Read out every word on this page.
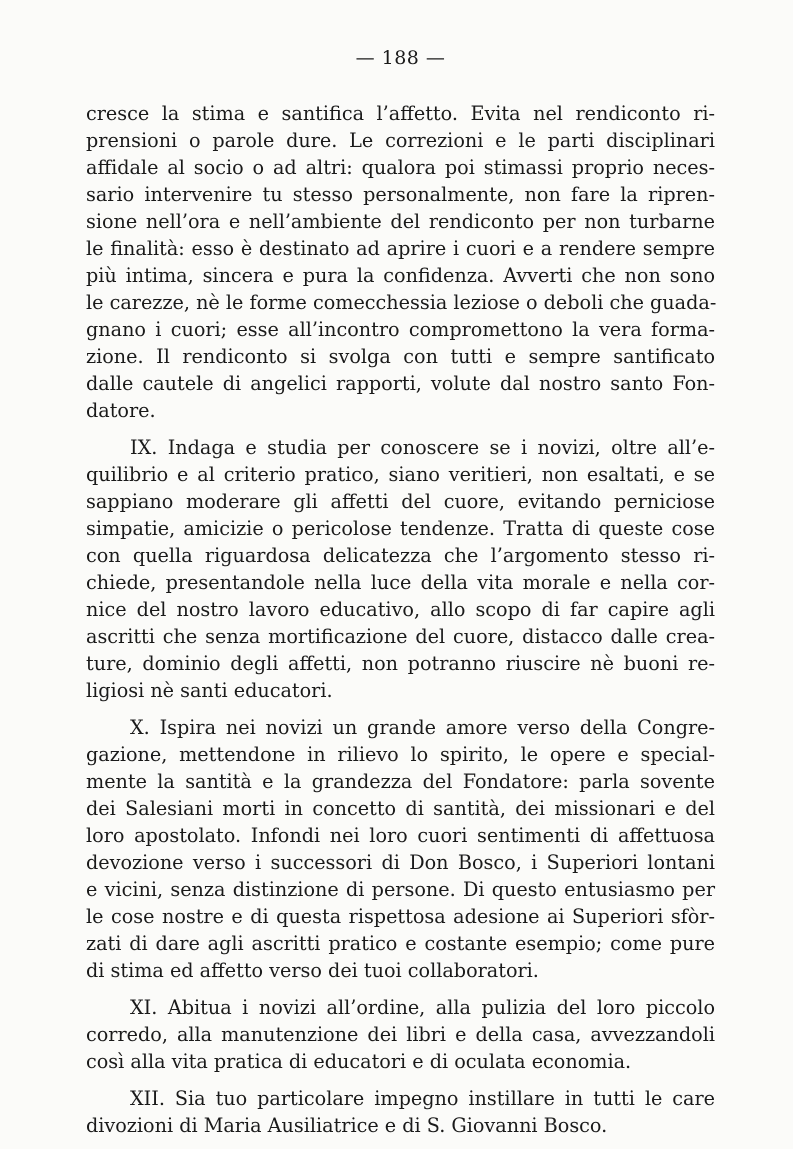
— 188 —
cresce la stima e santifica l’affetto. Evita nel rendiconto ri-
prensioni o parole dure. Le correzioni e le parti disciplinari
affidale al socio o ad altri: qualora poi stimassi proprio neces-
sario intervenire tu stesso personalmente, non fare la ripren-
sione nell’ora e nell’ambiente del rendiconto per non turbarne
le finalità: esso è destinato ad aprire i cuori e a rendere sempre
più intima, sincera e pura la confidenza. Avverti che non sono
le carezze, nè le forme comecchessia leziose o deboli che guada-
gnano i cuori; esse all’incontro compromettono la vera forma-
zione. Il rendiconto si svolga con tutti e sempre santificato
dalle cautele di angelici rapporti, volute dal nostro santo Fon-
datore.
IX. Indaga e studia per conoscere se i novizi, oltre all’e-
quilibrio e al criterio pratico, siano veritieri, non esaltati, e se
sappiano moderare gli affetti del cuore, evitando perniciose
simpatie, amicizie o pericolose tendenze. Tratta di queste cose
con quella riguardosa delicatezza che l’argomento stesso ri-
chiede, presentandole nella luce della vita morale e nella cor-
nice del nostro lavoro educativo, allo scopo di far capire agli
ascritti che senza mortificazione del cuore, distacco dalle crea-
ture, dominio degli affetti, non potranno riuscire nè buoni re-
ligiosi nè santi educatori.
X. Ispira nei novizi un grande amore verso della Congre-
gazione, mettendone in rilievo lo spirito, le opere e special-
mente la santità e la grandezza del Fondatore: parla sovente
dei Salesiani morti in concetto di santità, dei missionari e del
loro apostolato. Infondi nei loro cuori sentimenti di affettuosa
devozione verso i successori di Don Bosco, i Superiori lontani
e vicini, senza distinzione di persone. Di questo entusiasmo per
le cose nostre e di questa rispettosa adesione ai Superiori sfòr-
zati di dare agli ascritti pratico e costante esempio; come pure
di stima ed affetto verso dei tuoi collaboratori.
XI. Abitua i novizi all’ordine, alla pulizia del loro piccolo
corredo, alla manutenzione dei libri e della casa, avvezzandoli
così alla vita pratica di educatori e di oculata economia.
XII. Sia tuo particolare impegno instillare in tutti le care
divozioni di Maria Ausiliatrice e di S. Giovanni Bosco.
